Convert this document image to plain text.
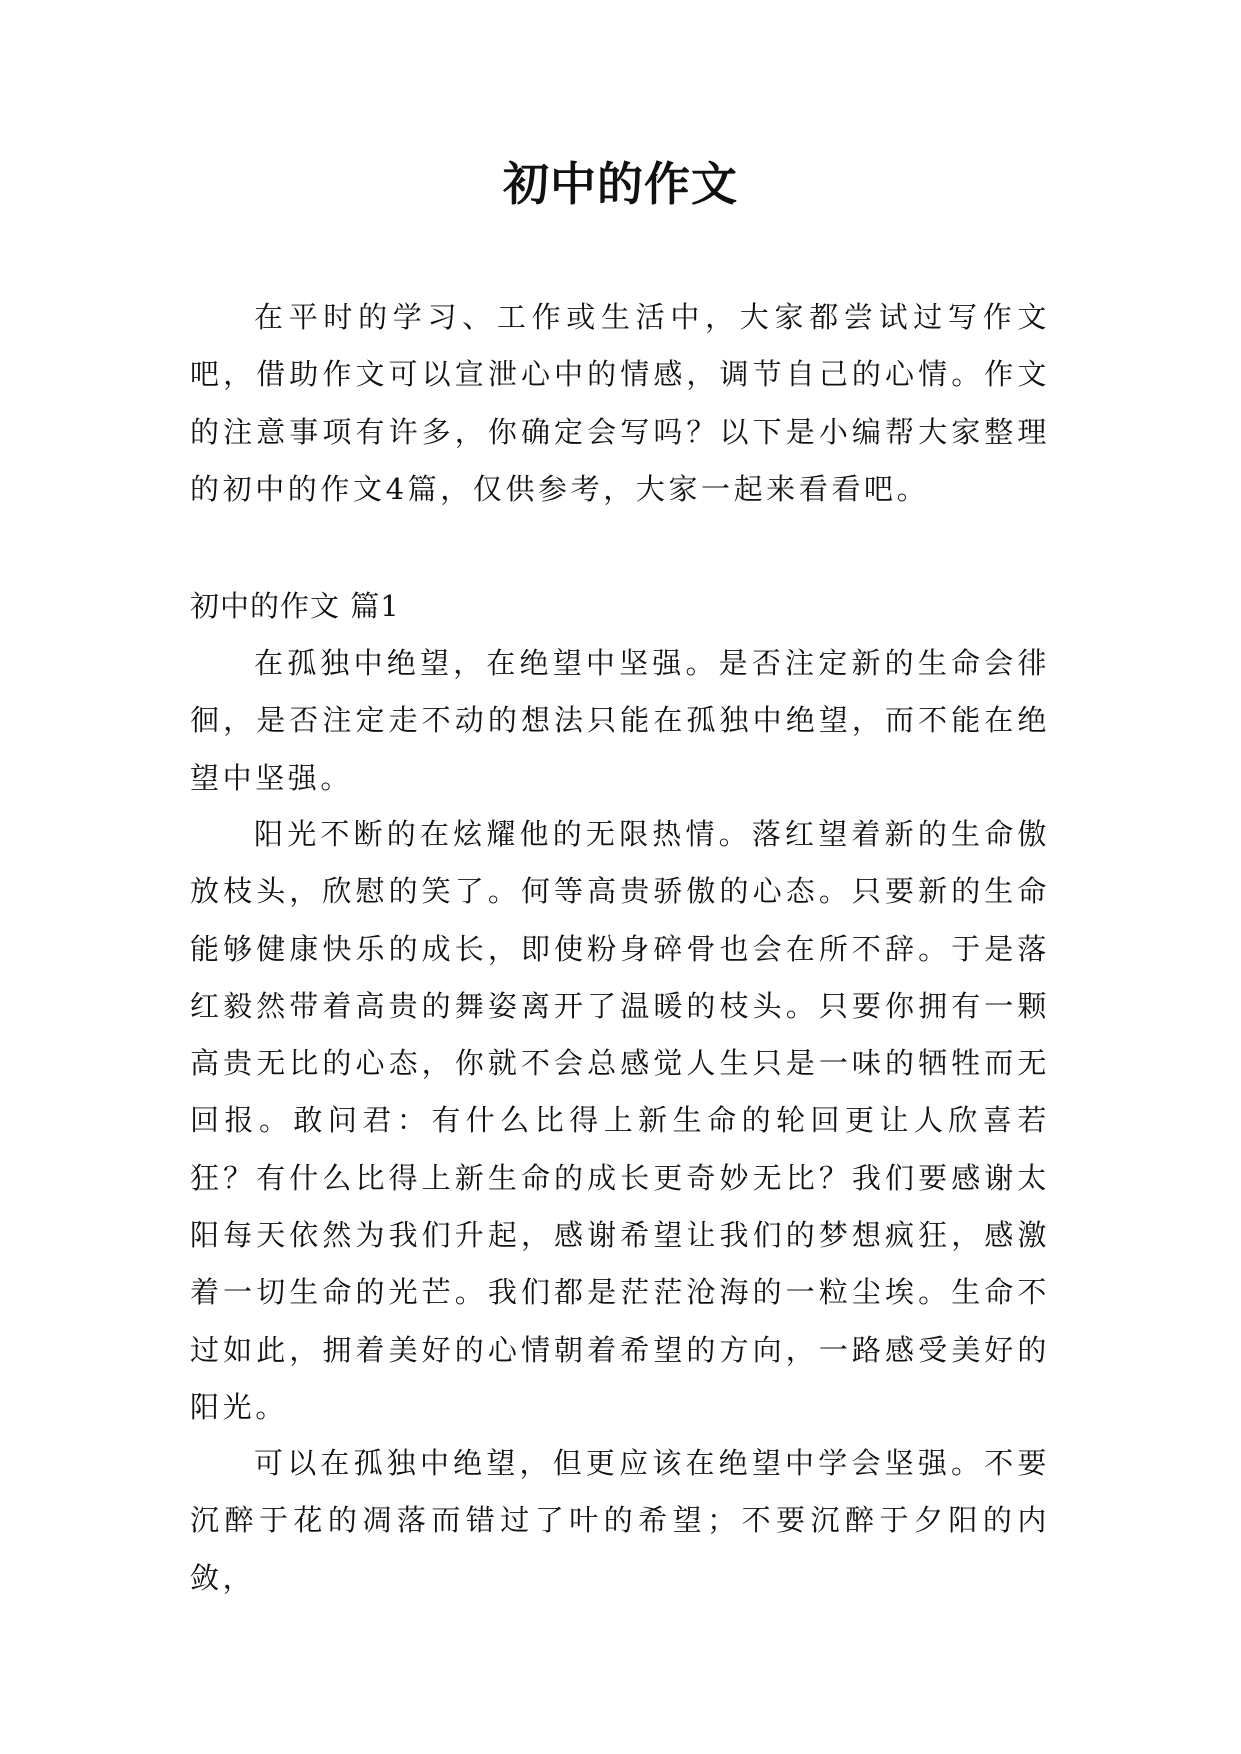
初中的作文

在平时的学习、工作或生活中，大家都尝试过写作文吧，借助作文可以宣泄心中的情感，调节自己的心情。作文的注意事项有许多，你确定会写吗？以下是小编帮大家整理的初中的作文4篇，仅供参考，大家一起来看看吧。

初中的作文 篇1

在孤独中绝望，在绝望中坚强。是否注定新的生命会徘徊，是否注定走不动的想法只能在孤独中绝望，而不能在绝望中坚强。

阳光不断的在炫耀他的无限热情。落红望着新的生命傲放枝头，欣慰的笑了。何等高贵骄傲的心态。只要新的生命能够健康快乐的成长，即使粉身碎骨也会在所不辞。于是落红毅然带着高贵的舞姿离开了温暖的枝头。只要你拥有一颗高贵无比的心态，你就不会总感觉人生只是一味的牺牲而无回报。敢问君：有什么比得上新生命的轮回更让人欣喜若狂？有什么比得上新生命的成长更奇妙无比？我们要感谢太阳每天依然为我们升起，感谢希望让我们的梦想疯狂，感激着一切生命的光芒。我们都是茫茫沧海的一粒尘埃。生命不过如此，拥着美好的心情朝着希望的方向，一路感受美好的阳光。

可以在孤独中绝望，但更应该在绝望中学会坚强。不要沉醉于花的凋落而错过了叶的希望；不要沉醉于夕阳的内敛，
